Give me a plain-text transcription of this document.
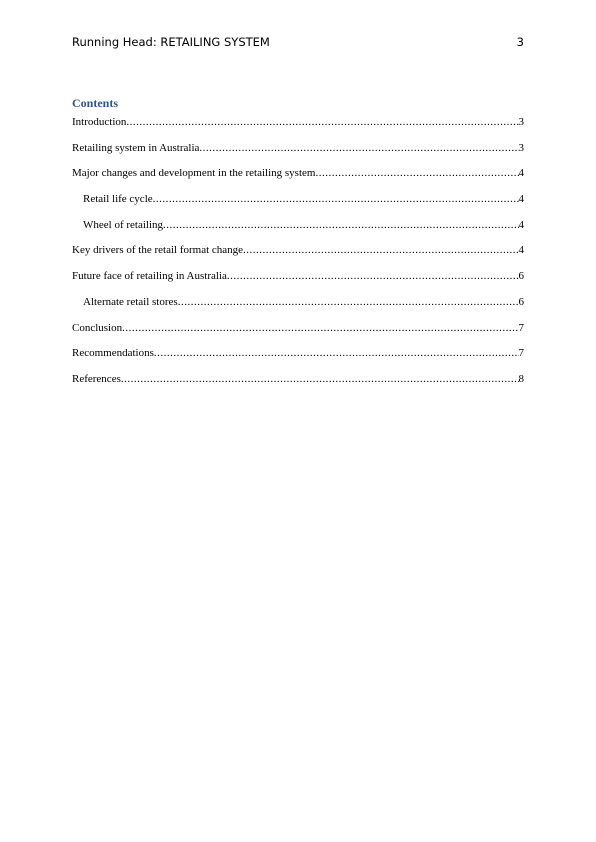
Running Head: RETAILING SYSTEM	3
Contents
Introduction .....	3
Retailing system in Australia .....	3
Major changes and development in the retailing system .....	4
Retail life cycle .....	4
Wheel of retailing .....	4
Key drivers of the retail format change .....	4
Future face of retailing in Australia .....	6
Alternate retail stores .....	6
Conclusion .....	7
Recommendations .....	7
References .....	8
